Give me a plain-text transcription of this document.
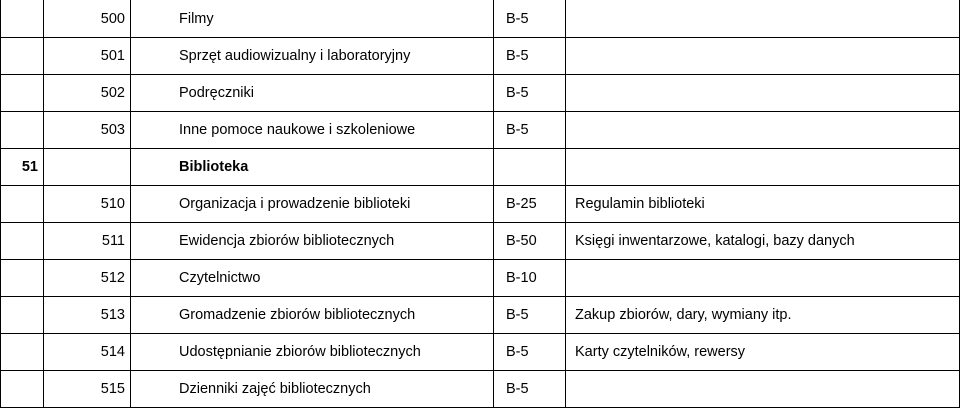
	500	Filmy	B-5	
	501	Sprzęt audiowizualny i laboratoryjny	B-5	
	502	Podręczniki	B-5	
	503	Inne pomoce naukowe i szkoleniowe	B-5	
51		Biblioteka		
	510	Organizacja i prowadzenie biblioteki	B-25	Regulamin biblioteki
	511	Ewidencja zbiorów bibliotecznych	B-50	Księgi inwentarzowe, katalogi, bazy danych
	512	Czytelnictwo	B-10	
	513	Gromadzenie zbiorów bibliotecznych	B-5	Zakup zbiorów, dary, wymiany itp.
	514	Udostępnianie zbiorów bibliotecznych	B-5	Karty czytelników, rewersy
	515	Dzienniki zajęć bibliotecznych	B-5	
